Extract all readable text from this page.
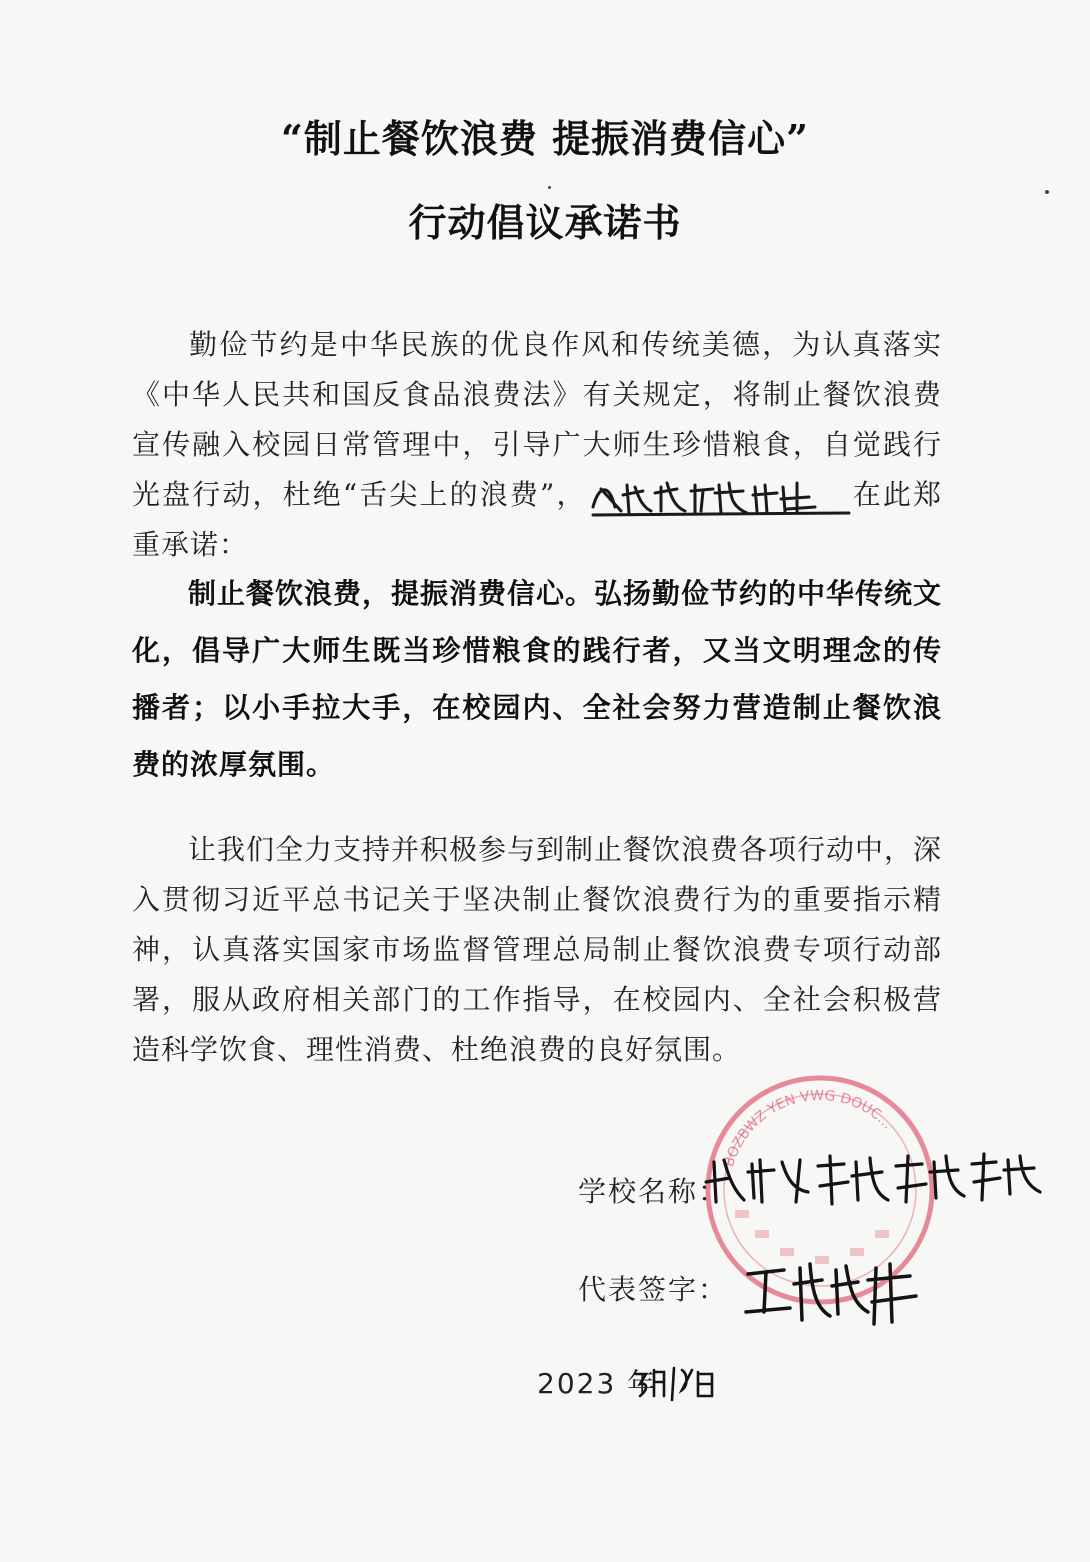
“制止餐饮浪费 提振消费信心”
行动倡议承诺书
勤俭节约是中华民族的优良作风和传统美德，为认真落实《中华人民共和国反食品浪费法》有关规定，将制止餐饮浪费宣传融入校园日常管理中，引导广大师生珍惜粮食，自觉践行光盘行动，杜绝“舌尖上的浪费”，	在此郑重承诺：
制止餐饮浪费，提振消费信心。弘扬勤俭节约的中华传统文化，倡导广大师生既当珍惜粮食的践行者，又当文明理念的传播者；以小手拉大手，在校园内、全社会努力营造制止餐饮浪费的浓厚氛围。
让我们全力支持并积极参与到制止餐饮浪费各项行动中，深入贯彻习近平总书记关于坚决制止餐饮浪费行为的重要指示精神，认真落实国家市场监督管理总局制止餐饮浪费专项行动部署，服从政府相关部门的工作指导，在校园内、全社会积极营造科学饮食、理性消费、杜绝浪费的良好氛围。
BOZBWZ YEN VWG DOUC…
学校名称：
代表签字：
2023 年
